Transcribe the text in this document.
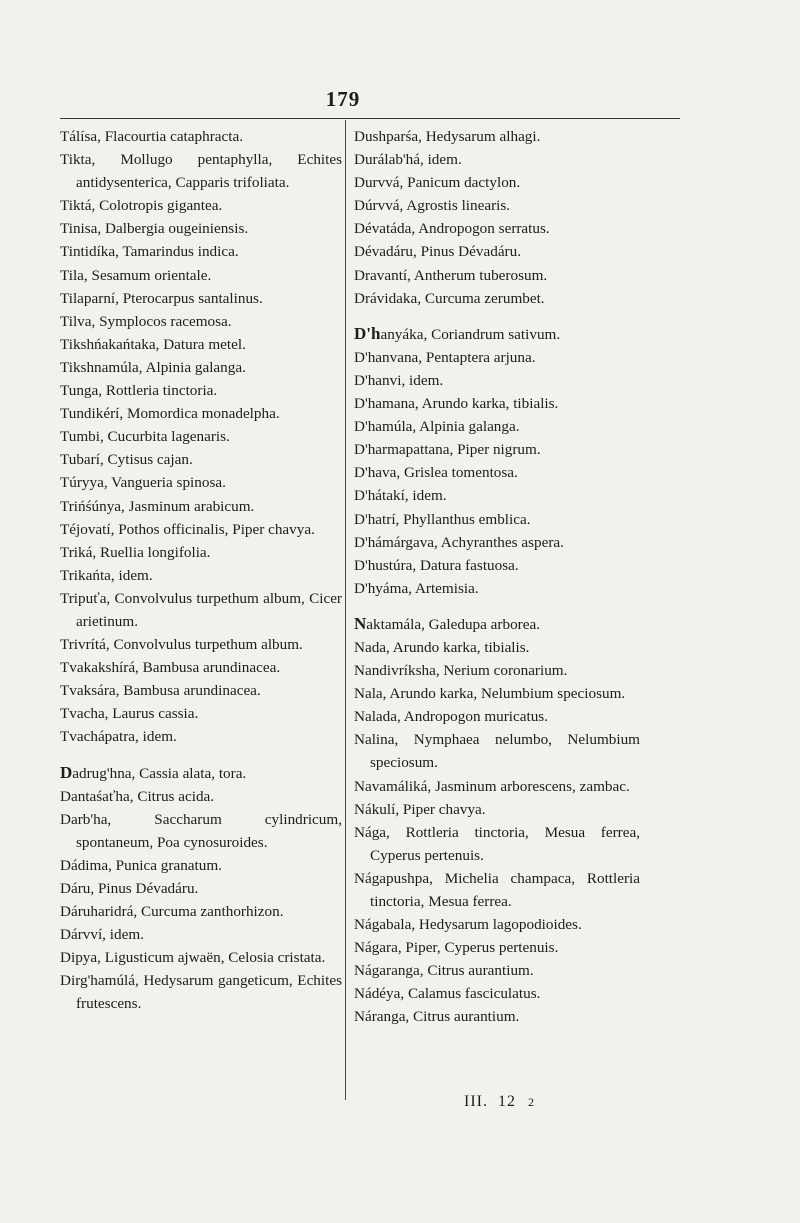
179

Tálísa, Flacourtia cataphracta.

Tikta, Mollugo pentaphylla, Echites antidysenterica, Capparis trifoliata.

Tiktá, Colotropis gigantea.

Tinisa, Dalbergia ougeiniensis.

Tintidíka, Tamarindus indica.

Tila, Sesamum orientale.

Tilaparní, Pterocarpus santalinus.

Tilva, Symplocos racemosa.

Tikshńakańtaka, Datura metel.

Tikshnamúla, Alpinia galanga.

Tunga, Rottleria tinctoria.

Tundikérí, Momordica monadelpha.

Tumbi, Cucurbita lagenaris.

Tubarí, Cytisus cajan.

Túryya, Vangueria spinosa.

Trińśúnya, Jasminum arabicum.

Téjovatí, Pothos officinalis, Piper chavya.

Triká, Ruellia longifolia.

Trikańta, idem.

Tripuťa, Convolvulus turpethum album, Cicer arietinum.

Trivrítá, Convolvulus turpethum album.

Tvakakshírá, Bambusa arundinacea.

Tvaksára, Bambusa arundinacea.

Tvacha, Laurus cassia.

Tvachápatra, idem.

Dadrug'hna, Cassia alata, tora.

Dantaśaťha, Citrus acida.

Darb'ha, Saccharum cylindricum, spontaneum, Poa cynosuroides.

Dádima, Punica granatum.

Dáru, Pinus Dévadáru.

Dáruharidrá, Curcuma zanthorhizon.

Dárvví, idem.

Dipya, Ligusticum ajwaën, Celosia cristata.

Dirg'hamúlá, Hedysarum gangeticum, Echites frutescens.

Dushparśa, Hedysarum alhagi.

Durálab'há, idem.

Durvvá, Panicum dactylon.

Dúrvvá, Agrostis linearis.

Dévatáda, Andropogon serratus.

Dévadáru, Pinus Dévadáru.

Dravantí, Antherum tuberosum.

Drávidaka, Curcuma zerumbet.

D'hanyáka, Coriandrum sativum.

D'hanvana, Pentaptera arjuna.

D'hanvi, idem.

D'hamana, Arundo karka, tibialis.

D'hamúla, Alpinia galanga.

D'harmapattana, Piper nigrum.

D'hava, Grislea tomentosa.

D'hátakí, idem.

D'hatrí, Phyllanthus emblica.

D'hámárgava, Achyranthes aspera.

D'hustúra, Datura fastuosa.

D'hyáma, Artemisia.

Naktamála, Galedupa arborea.

Nada, Arundo karka, tibialis.

Nandivríksha, Nerium coronarium.

Nala, Arundo karka, Nelumbium speciosum.

Nalada, Andropogon muricatus.

Nalina, Nymphaea nelumbo, Nelumbium speciosum.

Navamáliká, Jasminum arborescens, zambac.

Nákulí, Piper chavya.

Nága, Rottleria tinctoria, Mesua ferrea, Cyperus pertenuis.

Nágapushpa, Michelia champaca, Rottleria tinctoria, Mesua ferrea.

Nágabala, Hedysarum lagopodioides.

Nágara, Piper, Cyperus pertenuis.

Nágaranga, Citrus aurantium.

Nádéya, Calamus fasciculatus.

Náranga, Citrus aurantium.

III. 12 2
